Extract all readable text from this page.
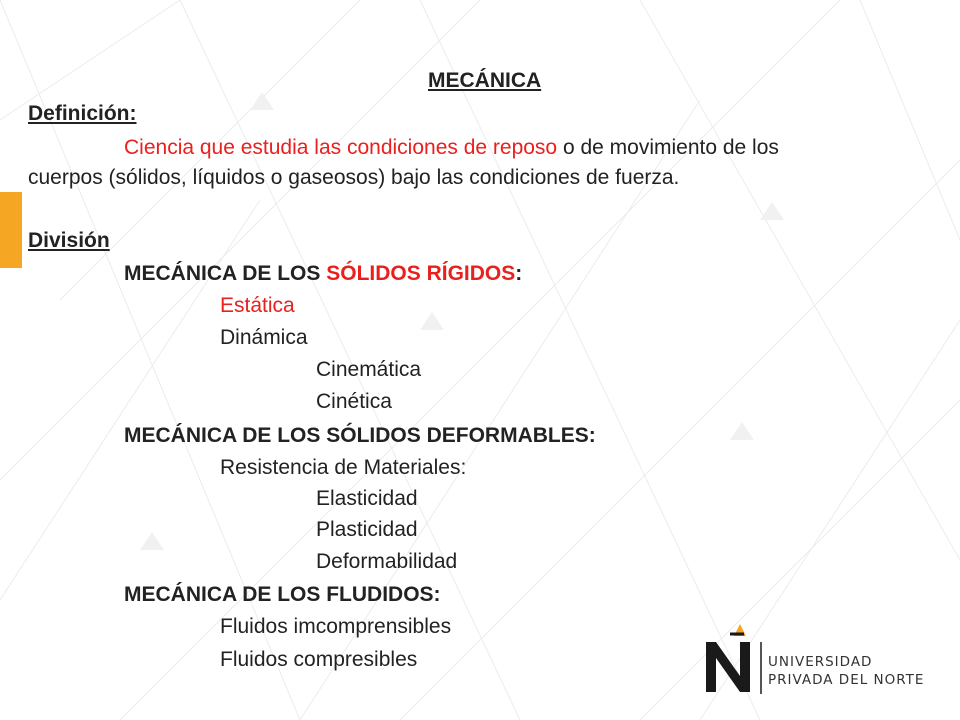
MECÁNICA
Definición:
Ciencia que estudia las condiciones de reposo o de movimiento de los
cuerpos (sólidos, líquidos o gaseosos) bajo las condiciones de fuerza.
División
MECÁNICA DE LOS SÓLIDOS RÍGIDOS:
Estática
Dinámica
Cinemática
Cinética
MECÁNICA DE LOS SÓLIDOS DEFORMABLES:
Resistencia de Materiales:
Elasticidad
Plasticidad
Deformabilidad
MECÁNICA DE LOS FLUDIDOS:
Fluidos imcomprensibles
Fluidos compresibles	UNIVERSIDAD
PRIVADA DEL NORTE
